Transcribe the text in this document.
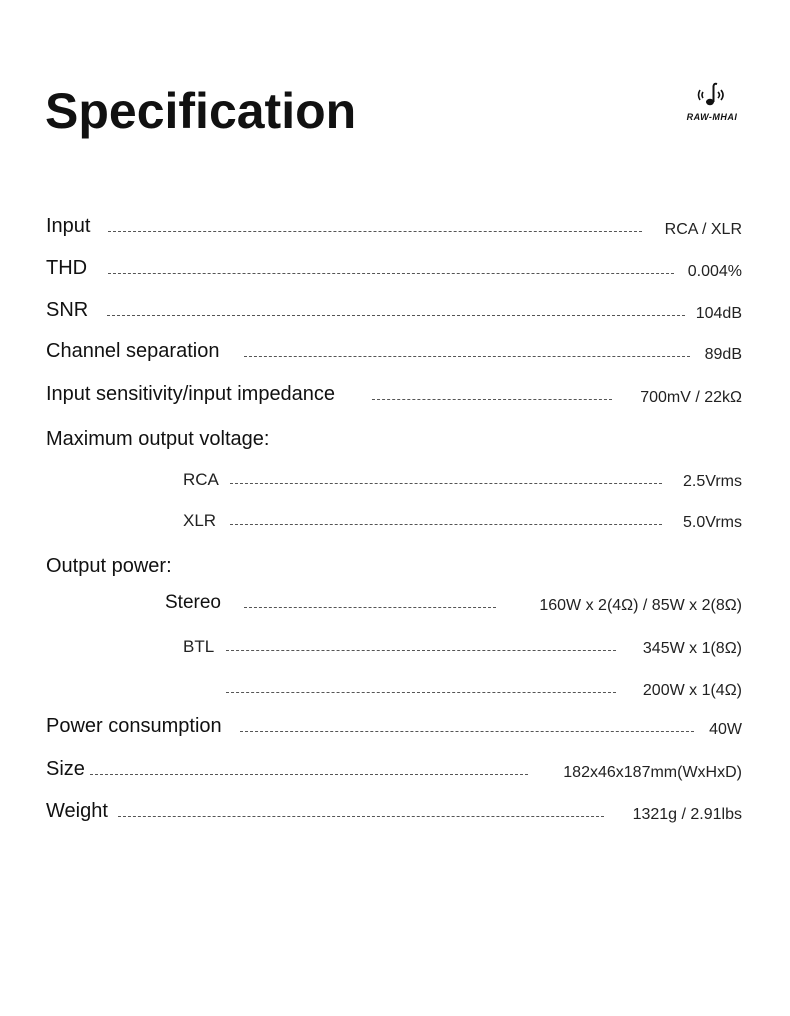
Specification	RAW-MHAI
Input	RCA / XLR
THD	0.004%
SNR	104dB
Channel separation	89dB
Input sensitivity/input impedance	700mV / 22kΩ
Maximum output voltage:
RCA	2.5Vrms
XLR	5.0Vrms
Output power:
Stereo	160W x 2(4Ω) / 85W x 2(8Ω)
BTL	345W x 1(8Ω)
200W x 1(4Ω)
Power consumption	40W
Size	182x46x187mm(WxHxD)
Weight	1321g / 2.91lbs
